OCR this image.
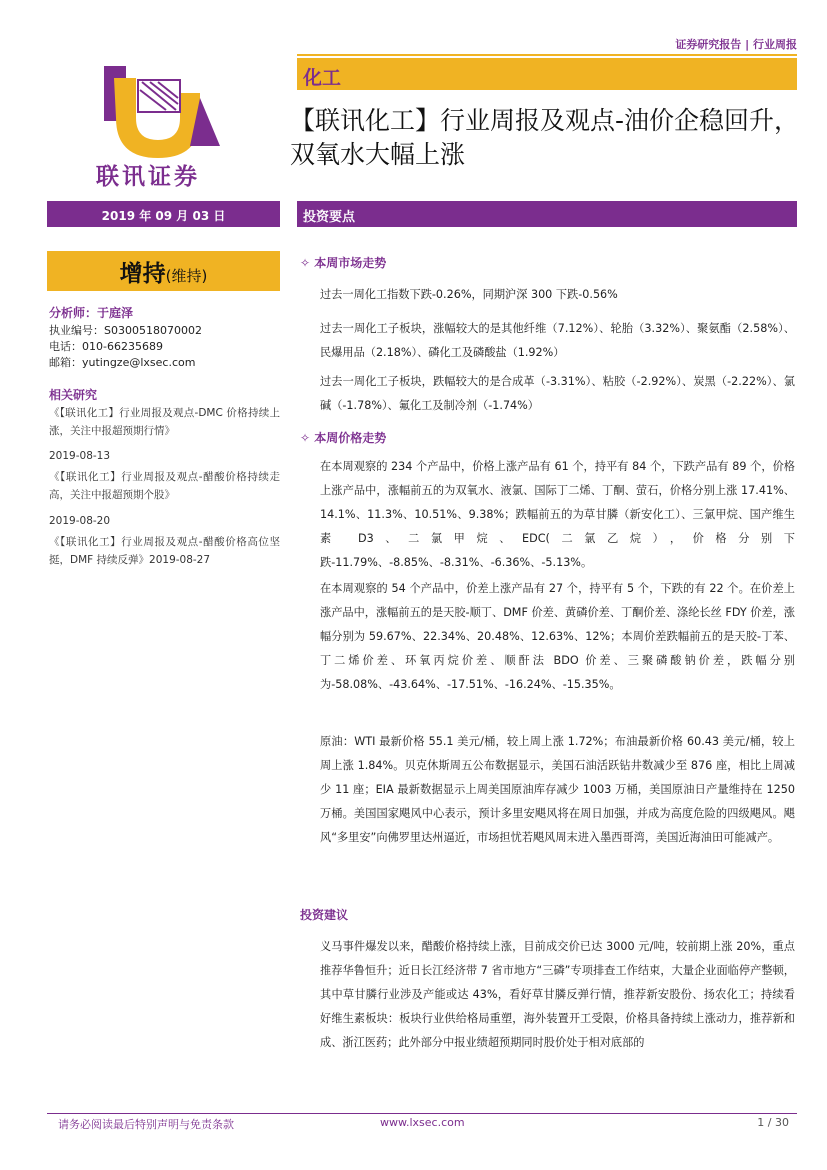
证券研究报告 | 行业周报
联讯证券
化工
【联讯化工】行业周报及观点-油价企稳回升，双氧水大幅上涨
2019 年 09 月 03 日
增持(维持)
分析师：于庭泽
执业编号：S0300518070002
电话：010-66235689
邮箱：yutingze@lxsec.com
相关研究
《【联讯化工】行业周报及观点-DMC 价格持续上涨，关注中报超预期行情》
2019-08-13
《【联讯化工】行业周报及观点-醋酸价格持续走高，关注中报超预期个股》
2019-08-20
《【联讯化工】行业周报及观点-醋酸价格高位坚挺，DMF 持续反弹》2019-08-27
投资要点
✧ 本周市场走势
过去一周化工指数下跌-0.26%，同期沪深 300 下跌-0.56%
过去一周化工子板块，涨幅较大的是其他纤维（7.12%）、轮胎（3.32%）、聚氨酯（2.58%）、民爆用品（2.18%）、磷化工及磷酸盐（1.92%）
过去一周化工子板块，跌幅较大的是合成革（-3.31%）、粘胶（-2.92%）、炭黑（-2.22%）、氯碱（-1.78%）、氟化工及制冷剂（-1.74%）
✧ 本周价格走势
在本周观察的 234 个产品中，价格上涨产品有 61 个，持平有 84 个，下跌产品有 89 个，价格上涨产品中，涨幅前五的为双氧水、液氯、国际丁二烯、丁酮、萤石，价格分别上涨 17.41%、14.1%、11.3%、10.51%、9.38%；跌幅前五的为草甘膦（新安化工）、三氯甲烷、国产维生素 D3、二氯甲烷、EDC(二氯乙烷），价格分别下跌-11.79%、-8.85%、-8.31%、-6.36%、-5.13%。
在本周观察的 54 个产品中，价差上涨产品有 27 个，持平有 5 个，下跌的有 22 个。在价差上涨产品中，涨幅前五的是天胶-顺丁、DMF 价差、黄磷价差、丁酮价差、涤纶长丝 FDY 价差，涨幅分别为 59.67%、22.34%、20.48%、12.63%、12%；本周价差跌幅前五的是天胶-丁苯、丁二烯价差、环氧丙烷价差、顺酐法 BDO 价差、三聚磷酸钠价差，跌幅分别为-58.08%、-43.64%、-17.51%、-16.24%、-15.35%。
原油：WTI 最新价格 55.1 美元/桶，较上周上涨 1.72%；布油最新价格 60.43 美元/桶，较上周上涨 1.84%。贝克休斯周五公布数据显示，美国石油活跃钻井数减少至 876 座，相比上周减少 11 座；EIA 最新数据显示上周美国原油库存减少 1003 万桶，美国原油日产量维持在 1250 万桶。美国国家飓风中心表示，预计多里安飓风将在周日加强，并成为高度危险的四级飓风。飓风“多里安”向佛罗里达州逼近，市场担忧若飓风周末进入墨西哥湾，美国近海油田可能减产。
投资建议
义马事件爆发以来，醋酸价格持续上涨，目前成交价已达 3000 元/吨，较前期上涨 20%，重点推荐华鲁恒升；近日长江经济带 7 省市地方“三磷”专项排查工作结束，大量企业面临停产整顿，其中草甘膦行业涉及产能或达 43%，看好草甘膦反弹行情，推荐新安股份、扬农化工；持续看好维生素板块：板块行业供给格局重塑，海外装置开工受限，价格具备持续上涨动力，推荐新和成、浙江医药；此外部分中报业绩超预期同时股价处于相对底部的
请务必阅读最后特别声明与免责条款	www.lxsec.com	1 / 30
